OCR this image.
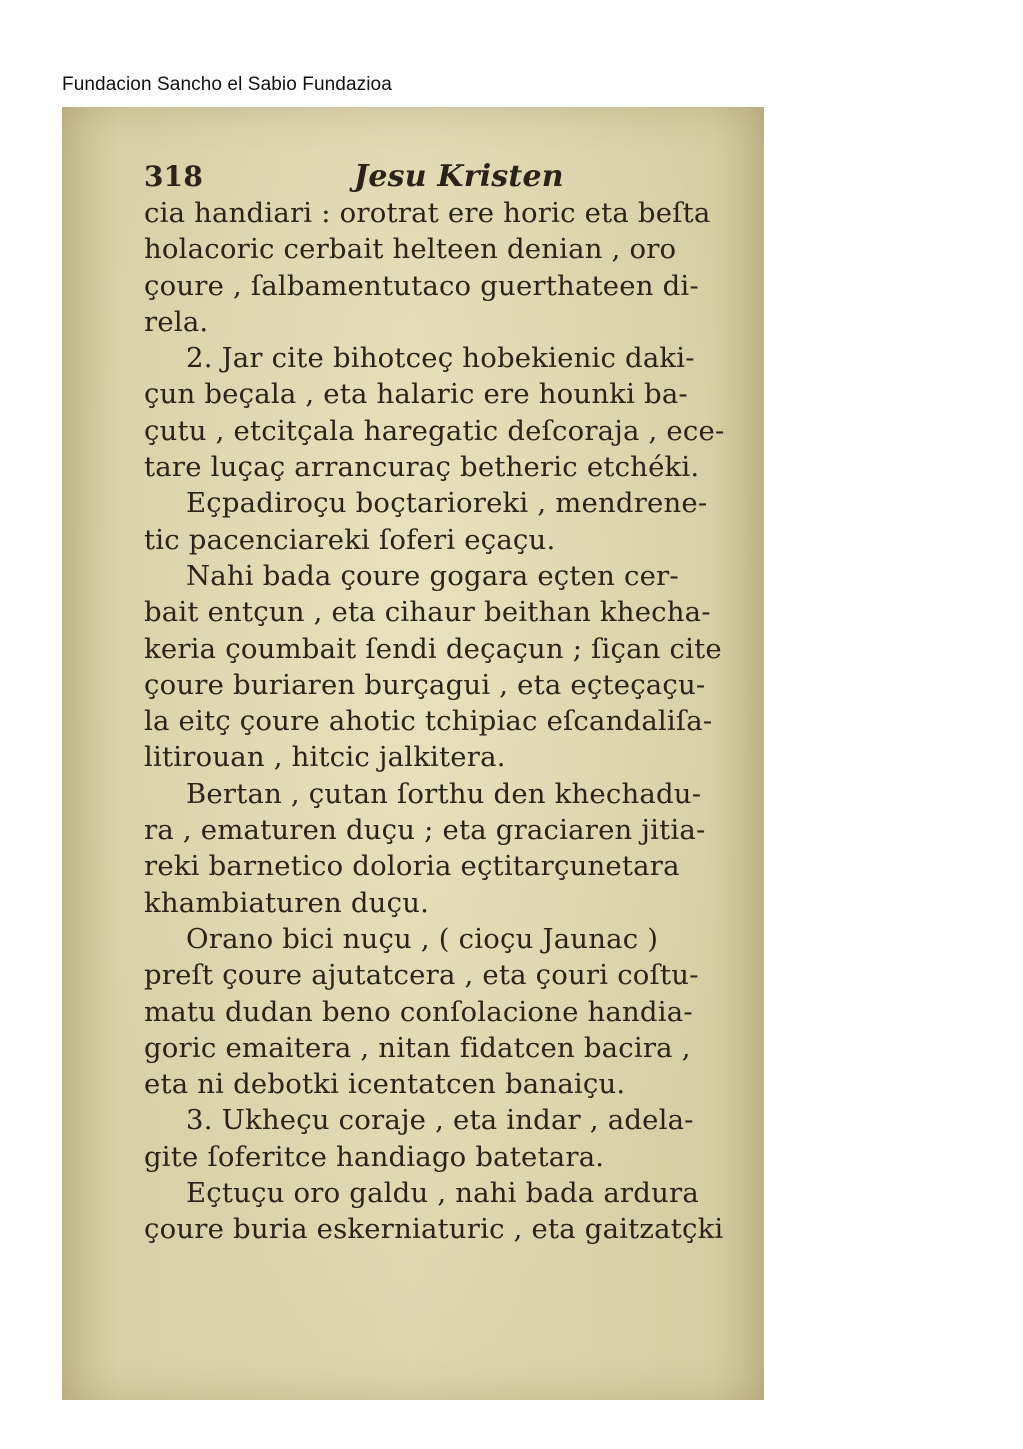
Fundacion Sancho el Sabio Fundazioa
318	Jesu Kristen
cia handiari : orotrat ere horic eta beſta
holacoric cerbait helteen denian , oro
çoure , ſalbamentutaco guerthateen di-
rela.
2. Jar cite bihotceç hobekienic daki-
çun beçala , eta halaric ere hounki ba-
çutu , etcitçala haregatic deſcoraja , ece-
tare luçaç arrancuraç betheric etchéki.
Eçpadiroçu boçtarioreki , mendrene-
tic pacenciareki ſoferi eçaçu.
Nahi bada çoure gogara eçten cer-
bait entçun , eta cihaur beithan khecha-
keria çoumbait ſendi deçaçun ; ſiçan cite
çoure buriaren burçagui , eta eçteçaçu-
la eitç çoure ahotic tchipiac eſcandaliſa-
litirouan , hitcic jalkitera.
Bertan , çutan ſorthu den khechadu-
ra , ematuren duçu ; eta graciaren jitia-
reki barnetico doloria eçtitarçunetara
khambiaturen duçu.
Orano bici nuçu , ( cioçu Jaunac )
preſt çoure ajutatcera , eta çouri coſtu-
matu dudan beno conſolacione handia-
goric emaitera , nitan fidatcen bacira ,
eta ni debotki icentatcen banaiçu.
3. Ukheçu coraje , eta indar , adela-
gite ſoferitce handiago batetara.
Eçtuçu oro galdu , nahi bada ardura
çoure buria eskerniaturic , eta gaitzatçki
